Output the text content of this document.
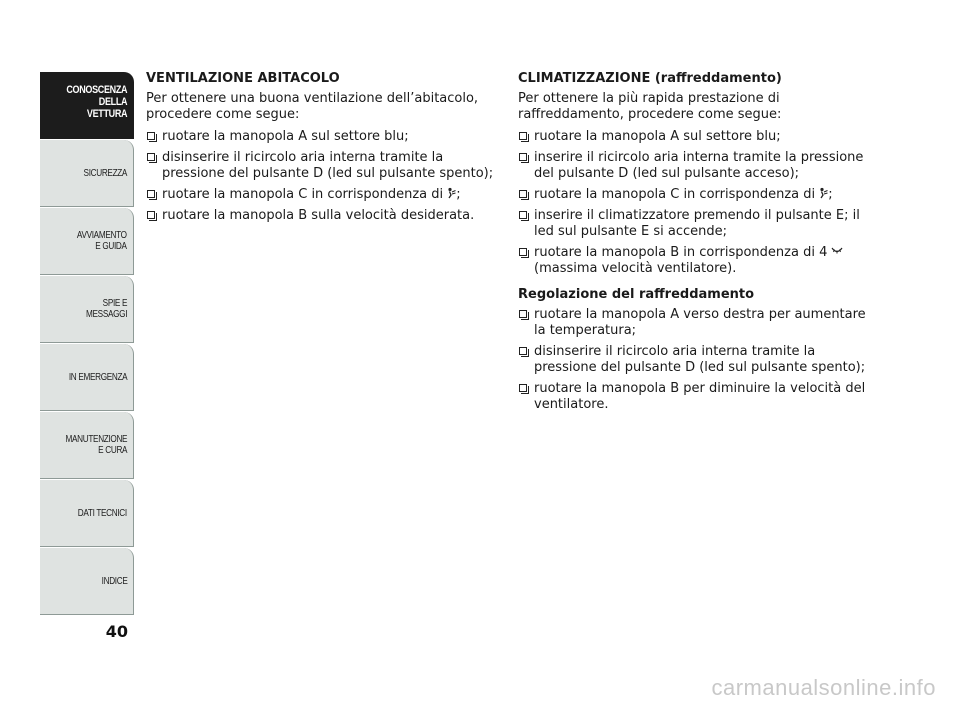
CONOSCENZA
DELLA
VETTURA
SICUREZZA
AVVIAMENTO
E GUIDA
SPIE E
MESSAGGI
IN EMERGENZA
MANUTENZIONE
E CURA
DATI TECNICI
INDICE
40
VENTILAZIONE ABITACOLO

Per ottenere una buona ventilazione dell’abitacolo, procedere come segue:

ruotare la manopola A sul settore blu;
disinserire il ricircolo aria interna tramite la pressione del pulsante D (led sul pulsante spento);
ruotare la manopola C in corrispondenza di ;
ruotare la manopola B sulla velocità desiderata.
CLIMATIZZAZIONE (raffreddamento)

Per ottenere la più rapida prestazione di raffreddamento, procedere come segue:

ruotare la manopola A sul settore blu;
inserire il ricircolo aria interna tramite la pressione del pulsante D (led sul pulsante acceso);
ruotare la manopola C in corrispondenza di ;
inserire il climatizzatore premendo il pulsante E; il led sul pulsante E si accende;
ruotare la manopola B in corrispondenza di 4
(massima velocità ventilatore).
Regolazione del raffreddamento
ruotare la manopola A verso destra per aumentare la temperatura;
disinserire il ricircolo aria interna tramite la pressione del pulsante D (led sul pulsante spento);
ruotare la manopola B per diminuire la velocità del ventilatore.
carmanualsonline.info
